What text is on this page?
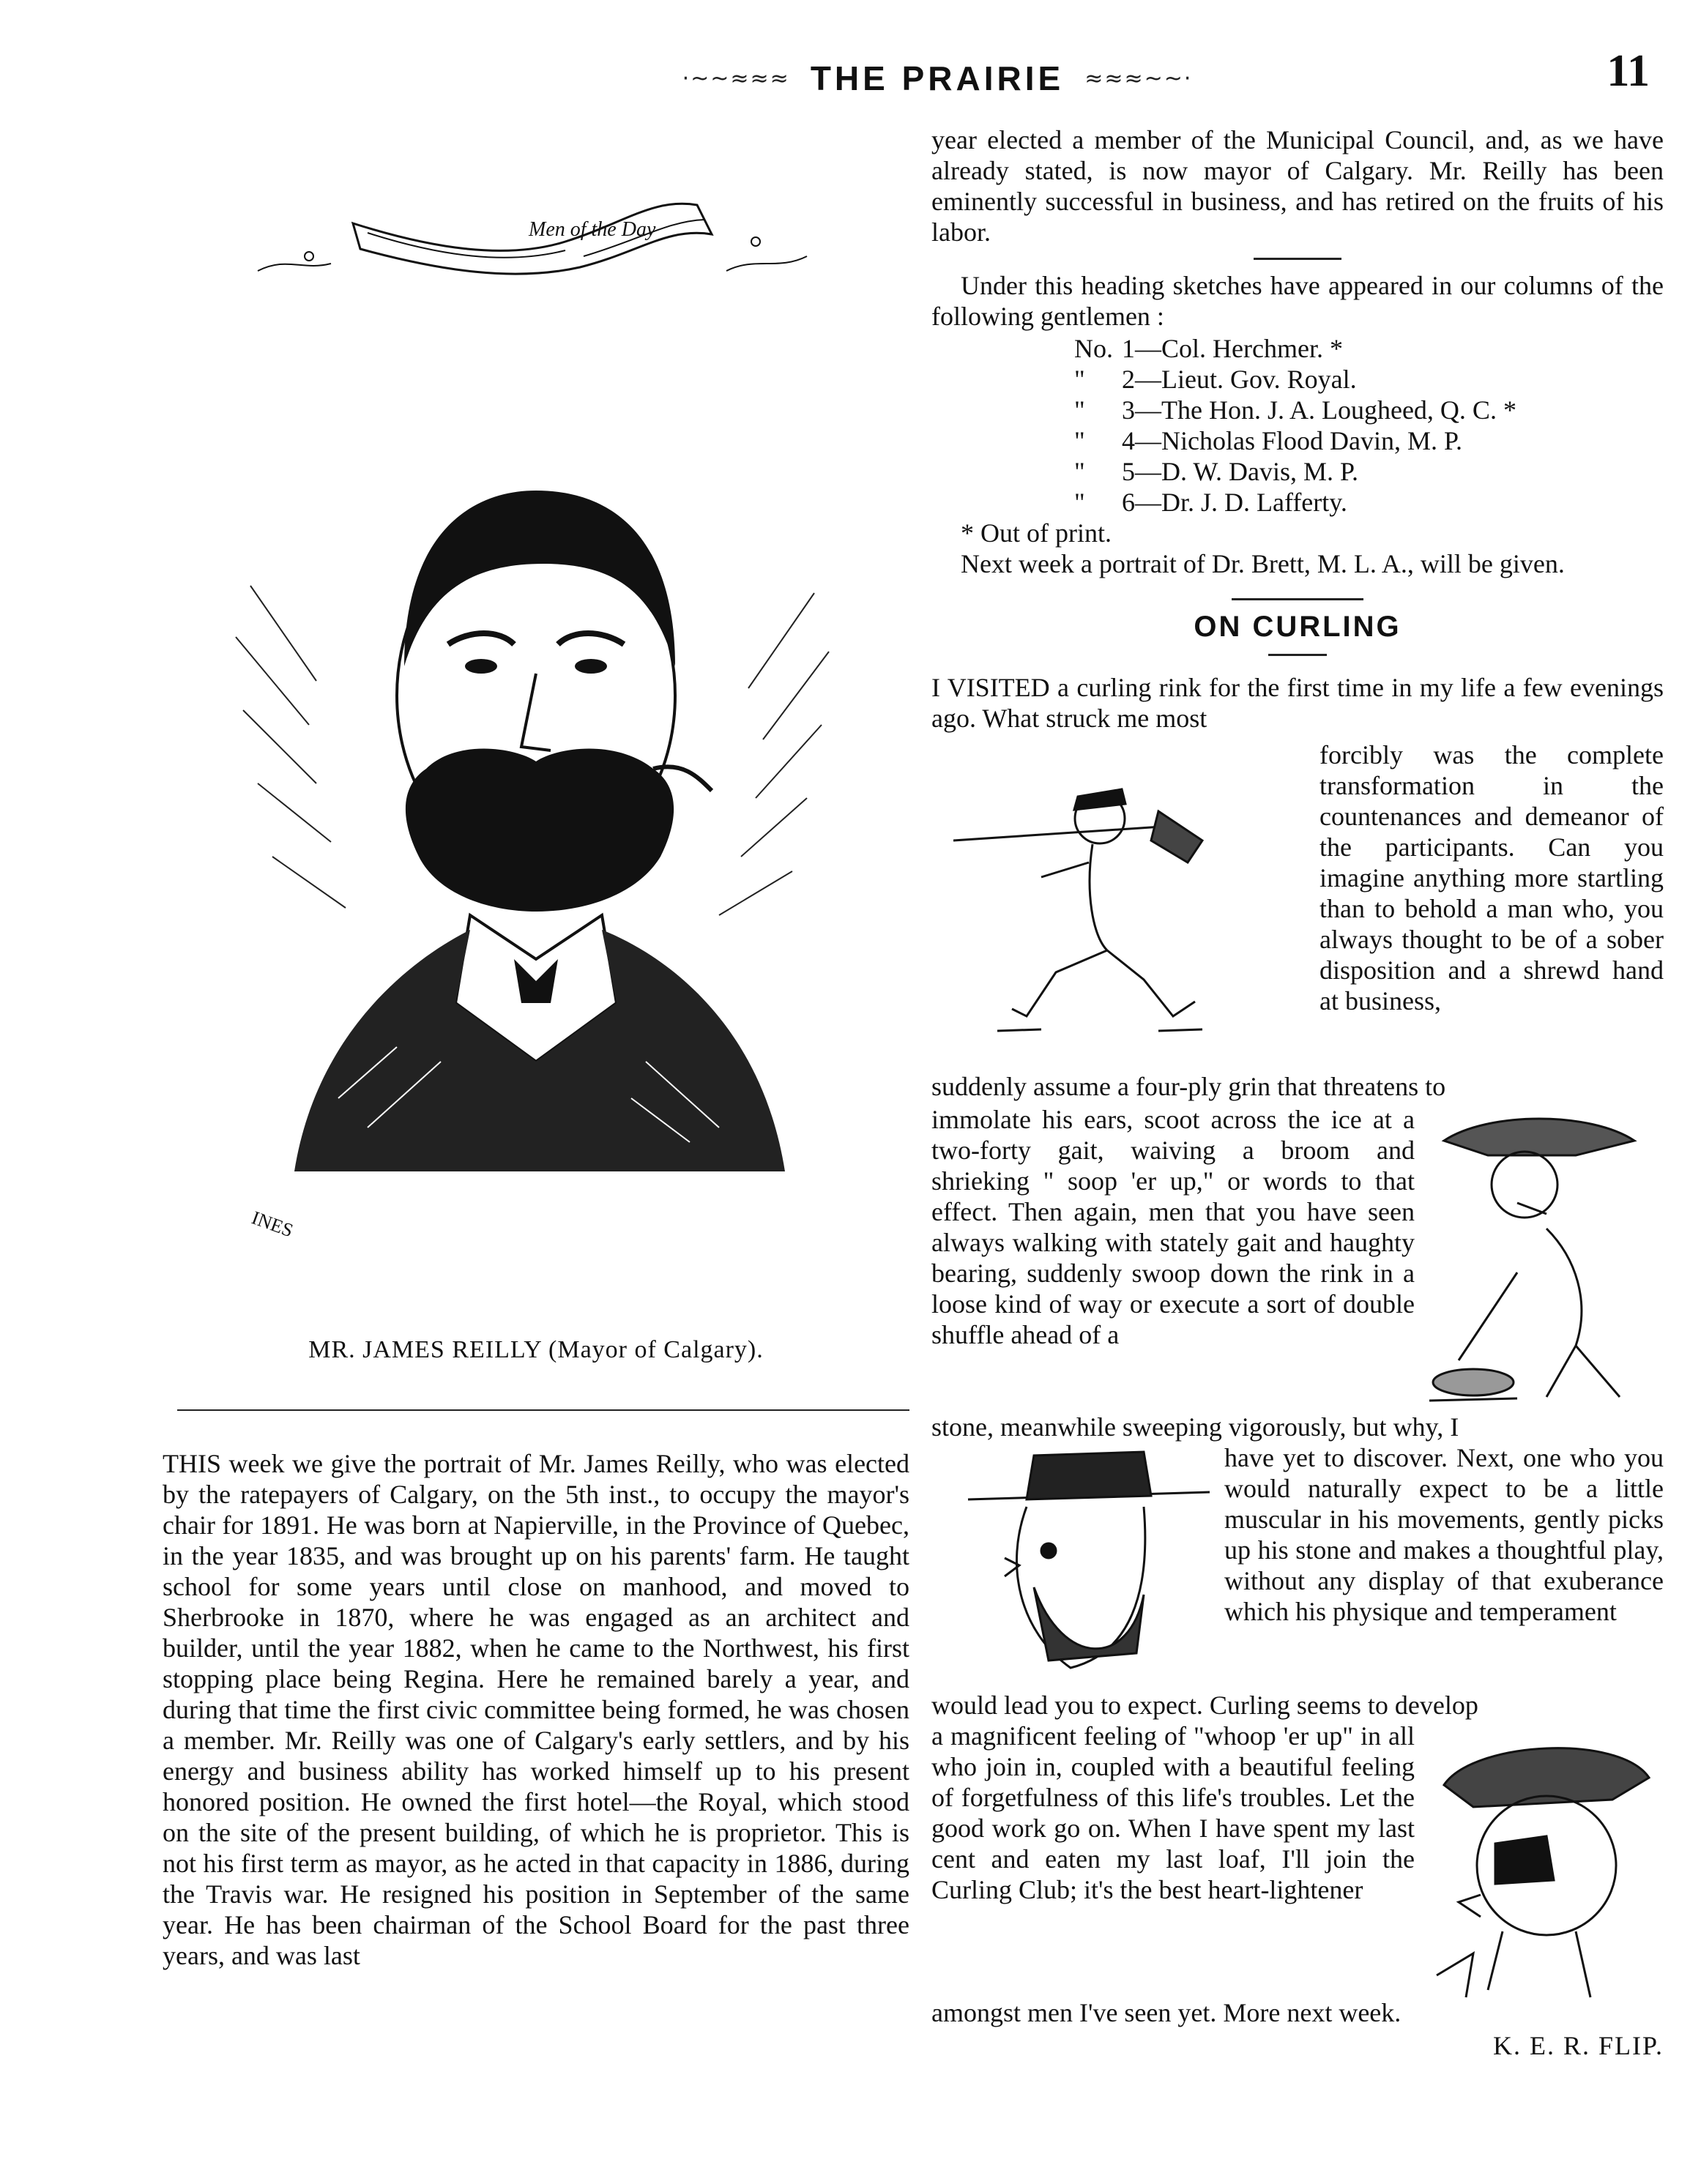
·~~≈≈≈ THE PRAIRIE ≈≈≈~~·	11
Men of the Day
INES
MR. JAMES REILLY (Mayor of Calgary).

THIS week we give the portrait of Mr. James Reilly, who was elected by the ratepayers of Calgary, on the 5th inst., to occupy the mayor's chair for 1891. He was born at Napierville, in the Province of Quebec, in the year 1835, and was brought up on his parents' farm. He taught school for some years until close on manhood, and moved to Sherbrooke in 1870, where he was engaged as an architect and builder, until the year 1882, when he came to the Northwest, his first stopping place being Regina. Here he remained barely a year, and during that time the first civic committee being formed, he was chosen a member. Mr. Reilly was one of Calgary's early settlers, and by his energy and business ability has worked himself up to his present honored position. He owned the first hotel—the Royal, which stood on the site of the present building, of which he is proprietor. This is not his first term as mayor, as he acted in that capacity in 1886, during the Travis war. He resigned his position in September of the same year. He has been chairman of the School Board for the past three years, and was last

year elected a member of the Municipal Council, and, as we have already stated, is now mayor of Calgary. Mr. Reilly has been eminently successful in business, and has retired on the fruits of his labor.
Under this heading sketches have appeared in our columns of the following gentlemen :
No. 1—Col. Herchmer. *
"	2—Lieut. Gov. Royal.
"	3—The Hon. J. A. Lougheed, Q. C. *
"	4—Nicholas Flood Davin, M. P.
"	5—D. W. Davis, M. P.
"	6—Dr. J. D. Lafferty.
* Out of print.
Next week a portrait of Dr. Brett, M. L. A., will be given.
ON CURLING
I VISITED a curling rink for the first time in my life a few evenings ago. What struck me most
forcibly was the complete transformation in the countenances and demeanor of the participants. Can you imagine anything more startling than to behold a man who, you always thought to be of a sober disposition and a shrewd hand at business,
suddenly assume a four-ply grin that threatens to
immolate his ears, scoot across the ice at a two-forty gait, waiving a broom and shrieking " soop 'er up," or words to that effect. Then again, men that you have seen always walking with stately gait and haughty bearing, suddenly swoop down the rink in a loose kind of way or execute a sort of double shuffle ahead of a
stone, meanwhile sweeping vigorously, but why, I
have yet to discover. Next, one who you would naturally expect to be a little muscular in his movements, gently picks up his stone and makes a thoughtful play, without any display of that exuberance which his physique and temperament
would lead you to expect. Curling seems to develop
a magnificent feeling of "whoop 'er up" in all who join in, coupled with a beautiful feeling of forgetfulness of this life's troubles. Let the good work go on. When I have spent my last cent and eaten my last loaf, I'll join the Curling Club; it's the best heart-lightener
amongst men I've seen yet. More next week.
K. E. R. FLIP.
